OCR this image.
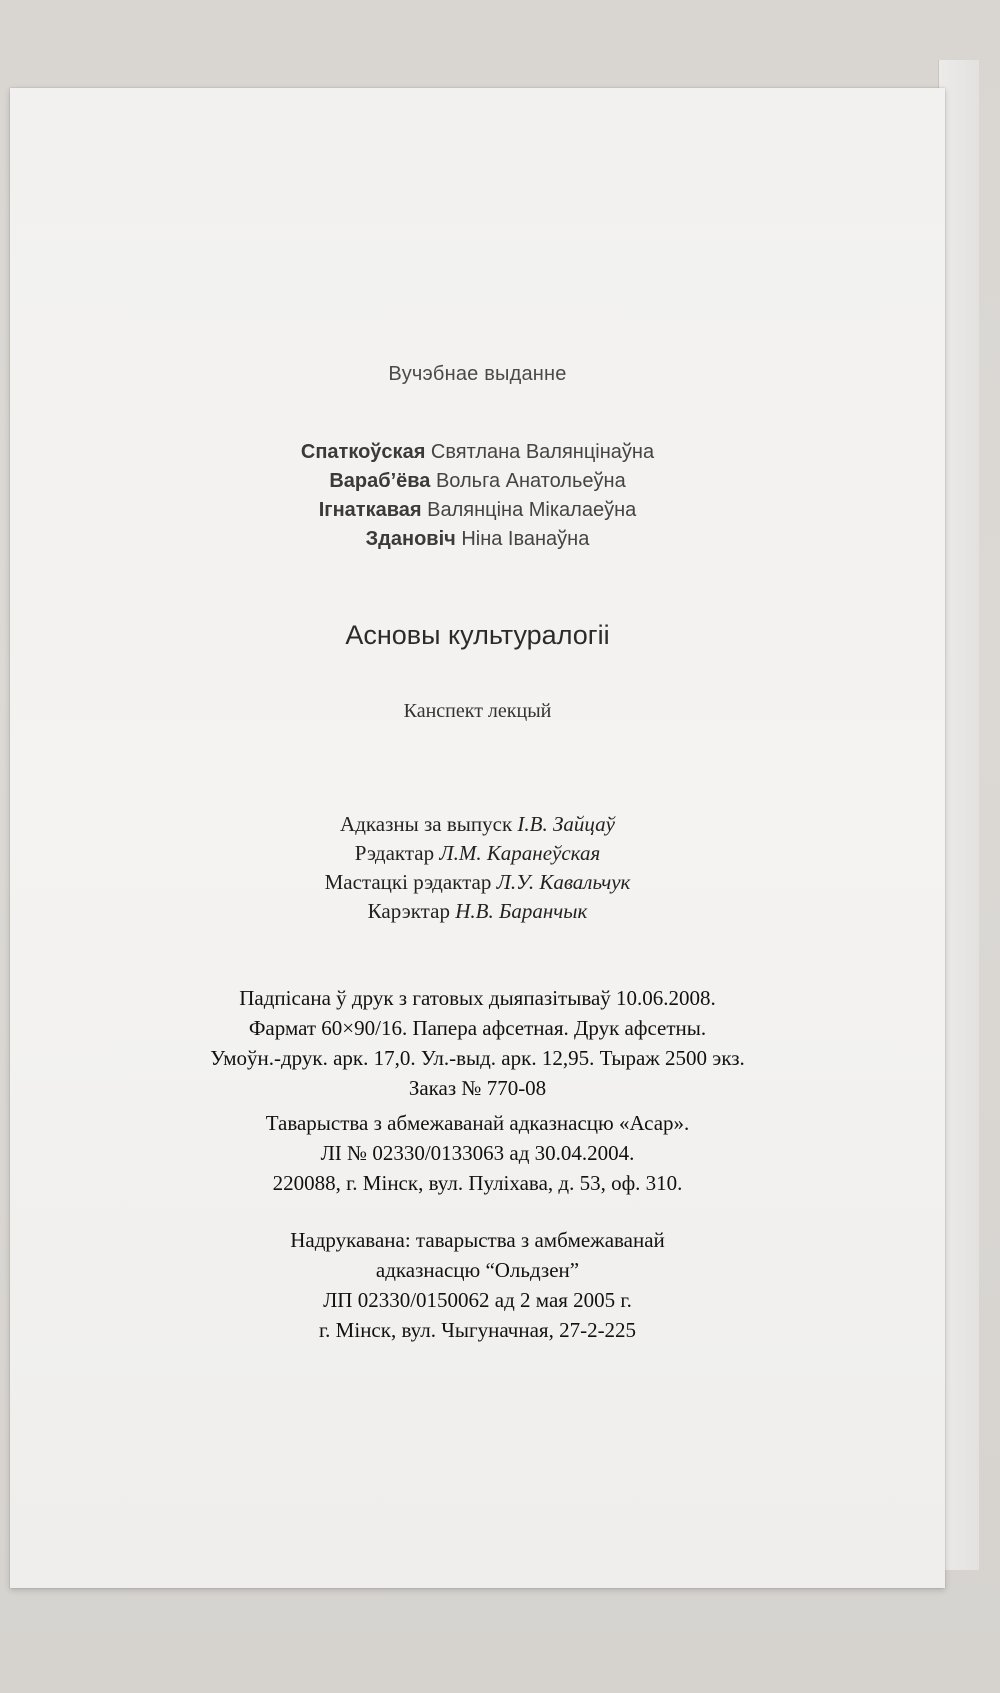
Вучэбнае выданне
Спаткоўская Святлана Валянцінаўна
Вараб’ёва Вольга Анатольеўна
Ігнаткавая Валянціна Мікалаеўна
Здановіч Ніна Іванаўна
Асновы культуралогіі
Канспект лекцый
Адказны за выпуск І.В. Зайцаў
Рэдактар Л.М. Каранеўская
Мастацкі рэдактар Л.У. Кавальчук
Карэктар Н.В. Баранчык
Падпісана ў друк з гатовых дыяпазітываў 10.06.2008.
Фармат 60×90/16. Папера афсетная. Друк афсетны.
Умоўн.-друк. арк. 17,0. Ул.-выд. арк. 12,95. Тыраж 2500 экз.
Заказ № 770-08
Таварыства з абмежаванай адказнасцю «Асар».
ЛІ № 02330/0133063 ад 30.04.2004.
220088, г. Мінск, вул. Пуліхава, д. 53, оф. 310.
Надрукавана: таварыства з амбмежаванай
адказнасцю “Ольдзен”
ЛП 02330/0150062 ад 2 мая 2005 г.
г. Мінск, вул. Чыгуначная, 27-2-225
